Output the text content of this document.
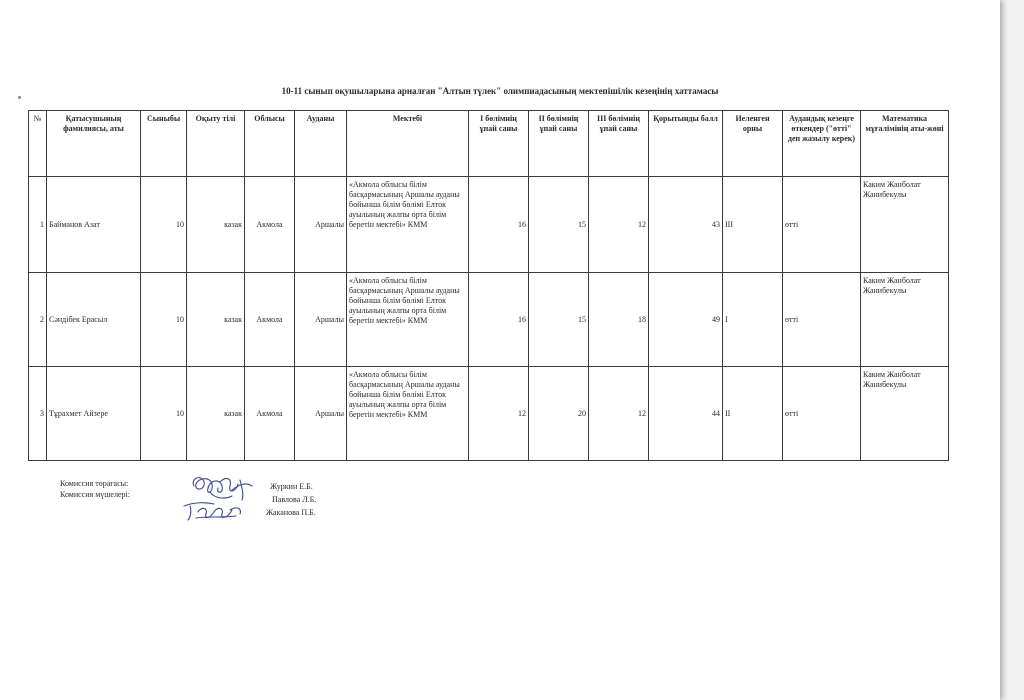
10-11 сынып оқушыларына арналған "Алтын түлек" олимпиадасының мектепішілік кезеңінің хаттамасы
№	Қатысушының фамилиясы, аты	Сыныбы	Оқыту тілі	Облысы	Ауданы	Мектебі	І бөлімнің ұпай саны	ІІ бөлімнің ұпай саны	ІІІ бөлімнің ұпай саны	Қорытынды балл	Иеленген орны	Аудандық кезеңге өткендер ("өтті" деп жазылу керек)	Математика мұғалімінің аты-жөні
1	Байманов Азат	10	казак	Акмола	Аршалы	«Акмола облысы білім басқармасының Аршалы ауданы бойынша білім бөлімі Елток ауылының жалпы орта білім беретін мектебі» КММ	16	15	12	43	III	өтті	Каким Жанболат Жанибекулы
2	Сәндібек Ерасыл	10	казак	Акмола	Аршалы	«Акмола облысы білім басқармасының Аршалы ауданы бойынша білім бөлімі Елток ауылының жалпы орта білім беретін мектебі» КММ	16	15	18	49	I	өтті	Каким Жанболат Жанибекулы
3	Тұрахмет Айзере	10	казак	Акмола	Аршалы	«Акмола облысы білім басқармасының Аршалы ауданы бойынша білім бөлімі Елток ауылының жалпы орта білім беретін мектебі» КММ	12	20	12	44	II	өтті	Каким Жанболат Жанибекулы
Комиссия төрағасы:
Комиссия мүшелері:
Журкин Е.Б.
Павлова Л.Б.
Жаканова П.Б.
